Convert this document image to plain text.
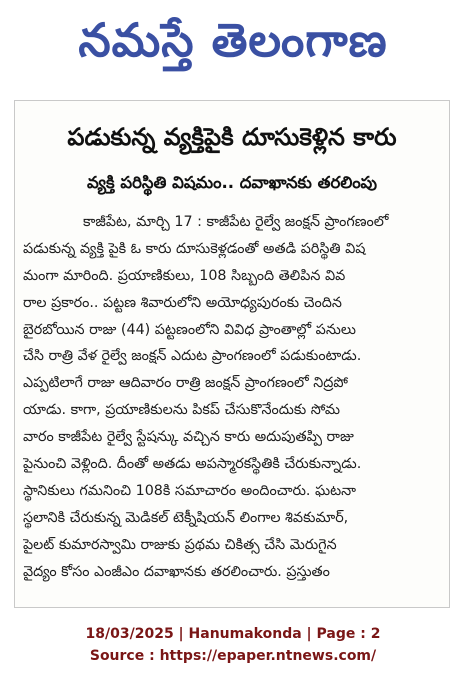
నమస్తే తెలంగాణ
పడుకున్న వ్యక్తిపైకి దూసుకెళ్లిన కారు
వ్యక్తి పరిస్థితి విషమం.. దవాఖానకు తరలింపు
కాజీపేట, మార్చి 17 : కాజీపేట రైల్వే జంక్షన్ ప్రాంగణంలో
పడుకున్న వ్యక్తి పైకి ఓ కారు దూసుకెళ్లడంతో అతడి పరిస్థితి విష
మంగా మారింది. ప్రయాణికులు, 108 సిబ్బంది తెలిపిన వివ
రాల ప్రకారం.. పట్టణ శివారులోని అయోధ్యపురంకు చెందిన
బైరబోయిన రాజు (44) పట్టణంలోని వివిధ ప్రాంతాల్లో పనులు
చేసి రాత్రి వేళ రైల్వే జంక్షన్ ఎదుట ప్రాంగణంలో పడుకుంటాడు.
ఎప్పటిలాగే రాజు ఆదివారం రాత్రి జంక్షన్ ప్రాంగణంలో నిద్రపో
యాడు. కాగా, ప్రయాణికులను పికప్ చేసుకొనేందుకు సోమ
వారం కాజీపేట రైల్వే స్టేషన్కు వచ్చిన కారు అదుపుతప్పి రాజు
పైనుంచి వెళ్లింది. దీంతో అతడు అపస్మారకస్థితికి చేరుకున్నాడు.
స్థానికులు గమనించి 108కి సమాచారం అందించారు. ఘటనా
స్థలానికి చేరుకున్న మెడికల్ టెక్నీషియన్ లింగాల శివకుమార్,
పైలట్ కుమారస్వామి రాజుకు ప్రథమ చికిత్స చేసి మెరుగైన
వైద్యం కోసం ఎంజీఎం దవాఖానకు తరలించారు. ప్రస్తుతం
18/03/2025 | Hanumakonda | Page : 2
Source : https://epaper.ntnews.com/
